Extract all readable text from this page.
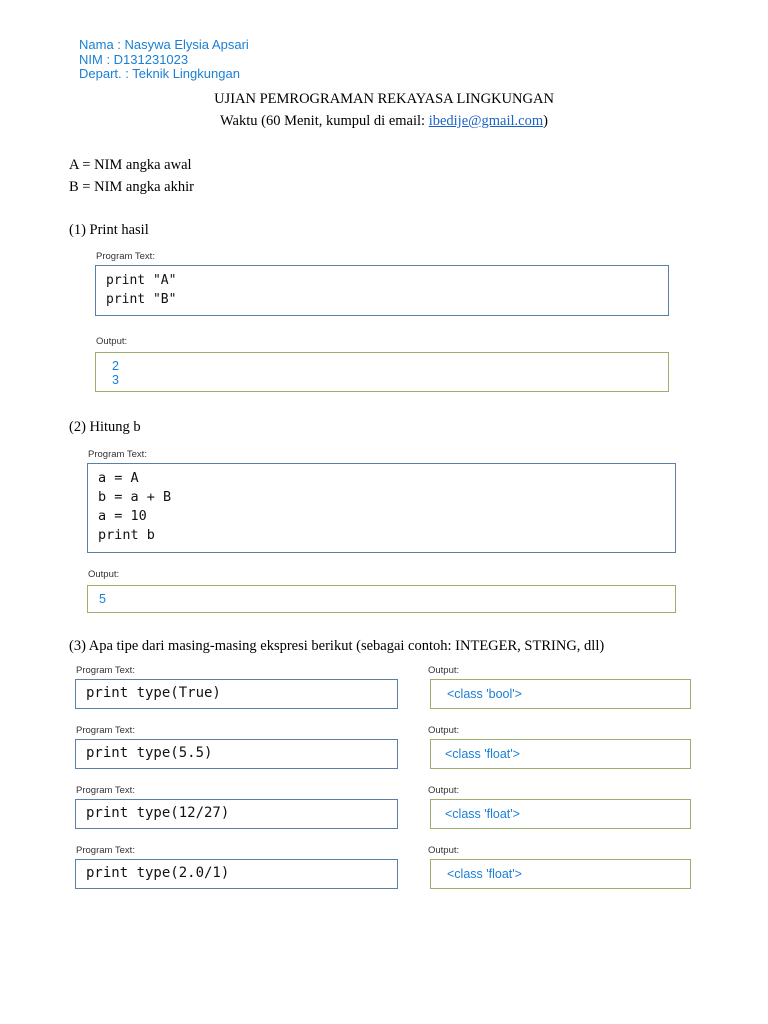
Nama : Nasywa Elysia Apsari
NIM : D131231023
Depart. : Teknik Lingkungan
UJIAN PEMROGRAMAN REKAYASA LINGKUNGAN
Waktu (60 Menit, kumpul di email: ibedije@gmail.com)
A = NIM angka awal
B = NIM angka akhir
(1) Print hasil
Program Text:
print "A"
print "B"
Output:
2
3
(2) Hitung b
Program Text:
a = A
b = a + B
a = 10
print b
Output:
5
(3) Apa tipe dari masing-masing ekspresi berikut (sebagai contoh: INTEGER, STRING, dll)
Program Text:
print type(True)
Output:
<class 'bool'>
Program Text:
print type(5.5)
Output:
<class 'float'>
Program Text:
print type(12/27)
Output:
<class 'float'>
Program Text:
print type(2.0/1)
Output:
<class 'float'>
